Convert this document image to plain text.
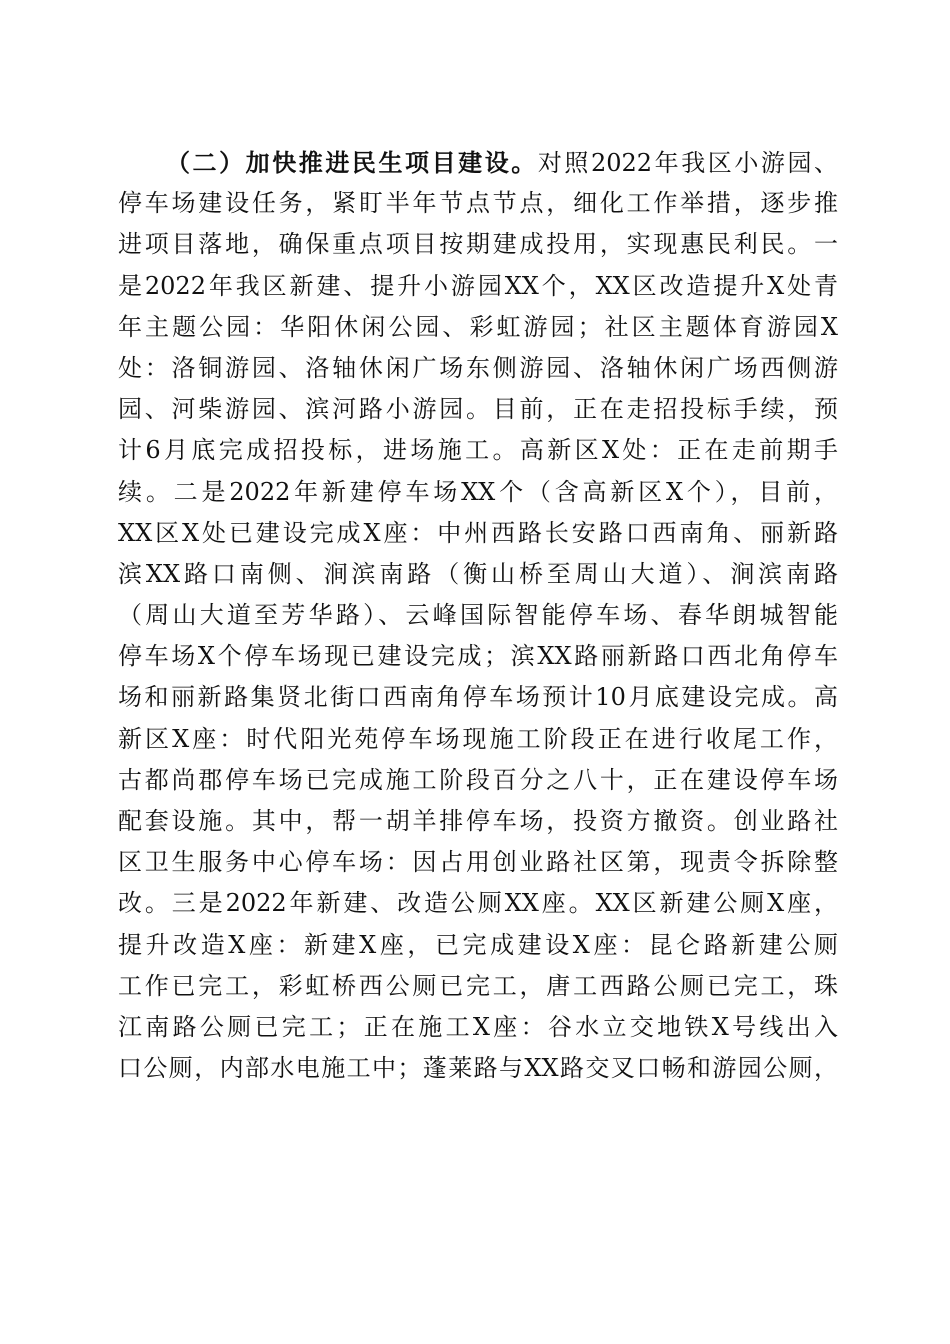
（二）加快推进民生项目建设。对照2022年我区小游园、
停车场建设任务，紧盯半年节点节点，细化工作举措，逐步推
进项目落地，确保重点项目按期建成投用，实现惠民利民。一
是2022年我区新建、提升小游园XX个，XX区改造提升X处青
年主题公园：华阳休闲公园、彩虹游园；社区主题体育游园X
处：洛铜游园、洛轴休闲广场东侧游园、洛轴休闲广场西侧游
园、河柴游园、滨河路小游园。目前，正在走招投标手续，预
计6月底完成招投标，进场施工。高新区X处：正在走前期手
续。二是2022年新建停车场XX个（含高新区X个），目前，
XX区X处已建设完成X座：中州西路长安路口西南角、丽新路
滨XX路口南侧、涧滨南路（衡山桥至周山大道）、涧滨南路
（周山大道至芳华路）、云峰国际智能停车场、春华朗城智能
停车场X个停车场现已建设完成；滨XX路丽新路口西北角停车
场和丽新路集贤北街口西南角停车场预计10月底建设完成。高
新区X座：时代阳光苑停车场现施工阶段正在进行收尾工作，
古都尚郡停车场已完成施工阶段百分之八十，正在建设停车场
配套设施。其中，帮一胡羊排停车场，投资方撤资。创业路社
区卫生服务中心停车场：因占用创业路社区第，现责令拆除整
改。三是2022年新建、改造公厕XX座。XX区新建公厕X座，
提升改造X座：新建X座，已完成建设X座：昆仑路新建公厕
工作已完工，彩虹桥西公厕已完工，唐工西路公厕已完工，珠
江南路公厕已完工；正在施工X座：谷水立交地铁X号线出入
口公厕，内部水电施工中；蓬莱路与XX路交叉口畅和游园公厕，
